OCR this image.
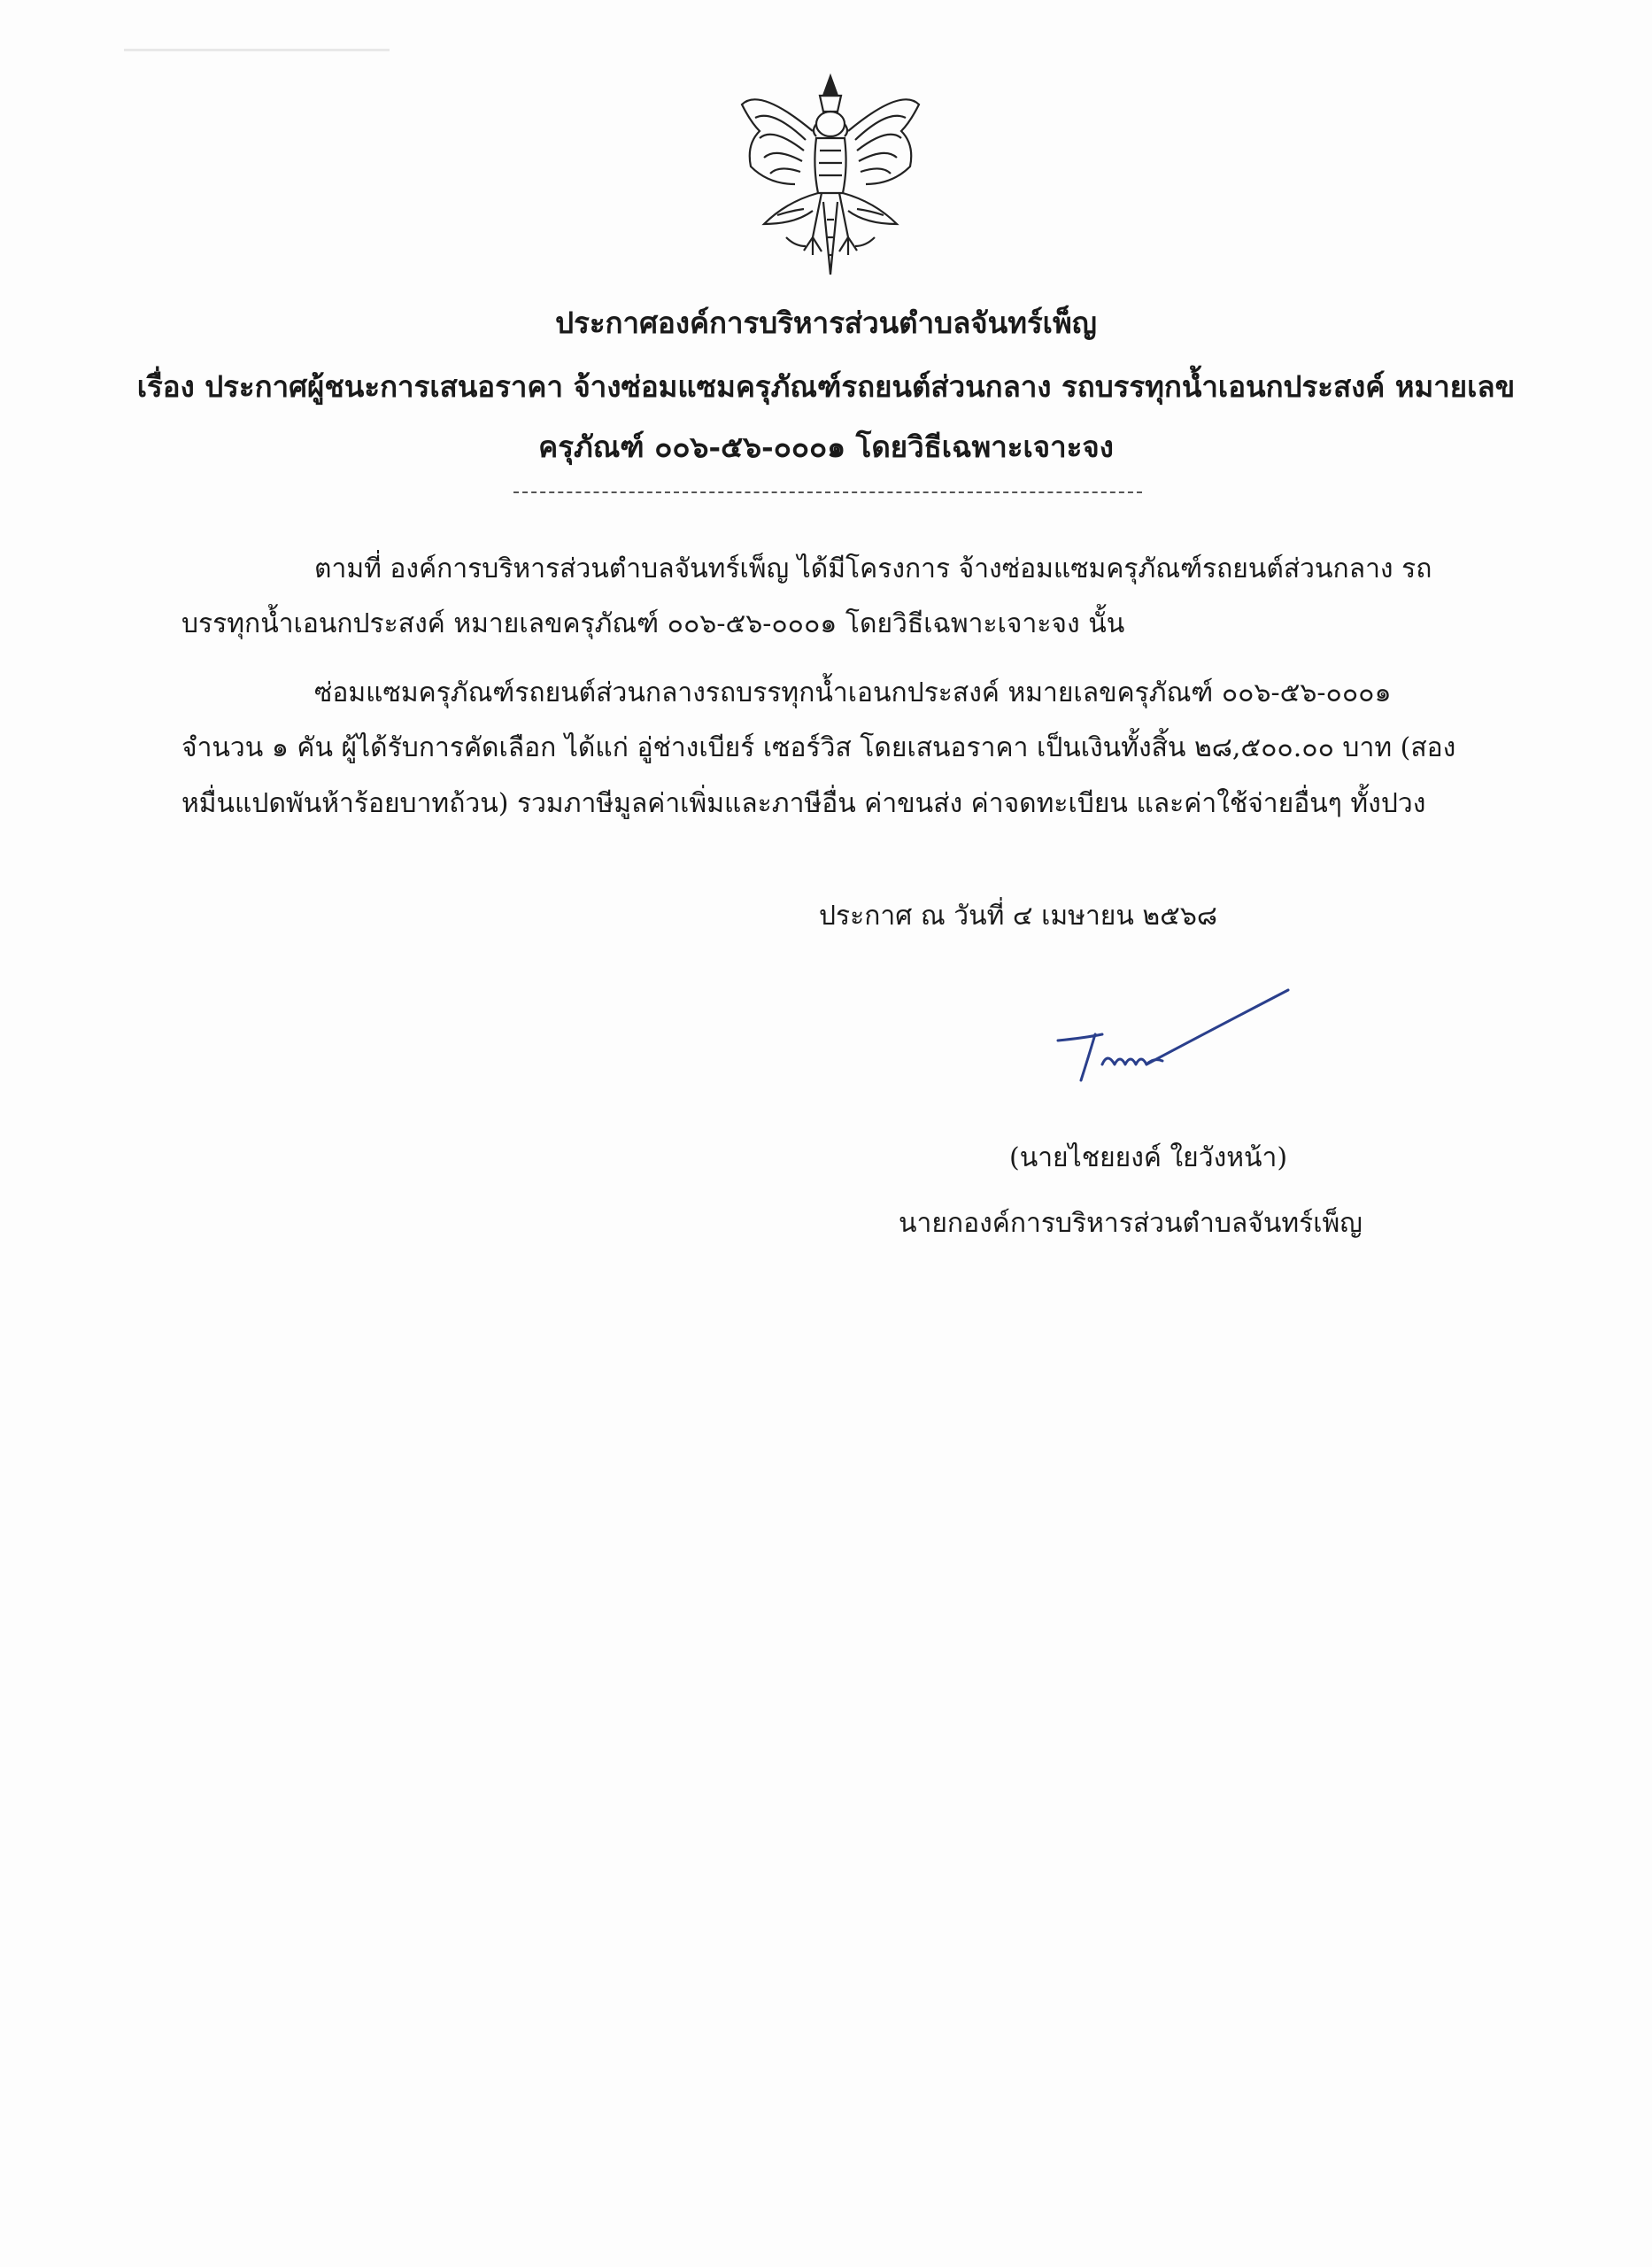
ประกาศองค์การบริหารส่วนตำบลจันทร์เพ็ญ
เรื่อง ประกาศผู้ชนะการเสนอราคา จ้างซ่อมแซมครุภัณฑ์รถยนต์ส่วนกลาง รถบรรทุกน้ำเอนกประสงค์ หมายเลข
ครุภัณฑ์ ๐๐๖-๕๖-๐๐๐๑ โดยวิธีเฉพาะเจาะจง
ตามที่ องค์การบริหารส่วนตำบลจันทร์เพ็ญ ได้มีโครงการ จ้างซ่อมแซมครุภัณฑ์รถยนต์ส่วนกลาง รถ
บรรทุกน้ำเอนกประสงค์ หมายเลขครุภัณฑ์ ๐๐๖-๕๖-๐๐๐๑ โดยวิธีเฉพาะเจาะจง นั้น
ซ่อมแซมครุภัณฑ์รถยนต์ส่วนกลางรถบรรทุกน้ำเอนกประสงค์ หมายเลขครุภัณฑ์ ๐๐๖-๕๖-๐๐๐๑
จำนวน ๑ คัน ผู้ได้รับการคัดเลือก ได้แก่ อู่ช่างเบียร์ เซอร์วิส โดยเสนอราคา เป็นเงินทั้งสิ้น ๒๘,๕๐๐.๐๐ บาท (สอง
หมื่นแปดพันห้าร้อยบาทถ้วน) รวมภาษีมูลค่าเพิ่มและภาษีอื่น ค่าขนส่ง ค่าจดทะเบียน และค่าใช้จ่ายอื่นๆ ทั้งปวง
ประกาศ ณ วันที่ ๔ เมษายน ๒๕๖๘
(นายไชยยงค์ ใยวังหน้า)
นายกองค์การบริหารส่วนตำบลจันทร์เพ็ญ
